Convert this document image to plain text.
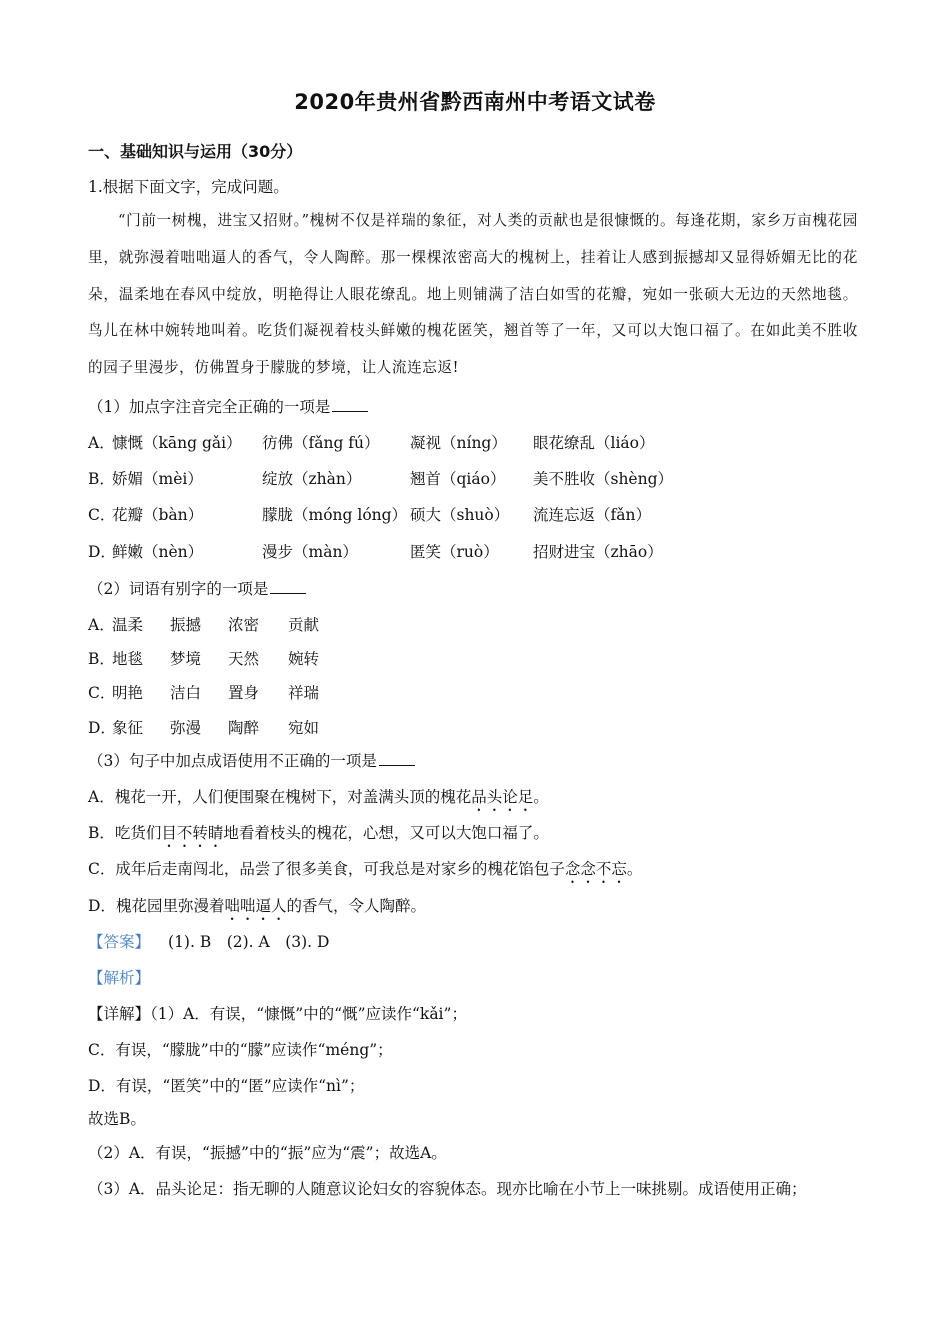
2020年贵州省黔西南州中考语文试卷
一、基础知识与运用（30分）
1.根据下面文字，完成问题。
“门前一树槐，进宝又招财。”槐树不仅是祥瑞的象征，对人类的贡献也是很慷慨的。每逢花期，家乡万亩槐花园里，就弥漫着咄咄逼人的香气，令人陶醉。那一棵棵浓密高大的槐树上，挂着让人感到振撼却又显得娇媚无比的花朵，温柔地在春风中绽放，明艳得让人眼花缭乱。地上则铺满了洁白如雪的花瓣，宛如一张硕大无边的天然地毯。鸟儿在林中婉转地叫着。吃货们凝视着枝头鲜嫩的槐花匿笑，翘首等了一年，又可以大饱口福了。在如此美不胜收的园子里漫步，仿佛置身于朦胧的梦境，让人流连忘返!
（1）加点字注音完全正确的一项是
A．
慷慨（kāng gǎi） 彷佛（fǎng fú） 凝视（níng） 眼花缭乱（liáo）
B．
娇媚（mèi）	绽放（zhàn）	翘首（qiáo） 美不胜收（shèng）
C．
花瓣（bàn）	朦胧（móng lóng） 硕大（shuò） 流连忘返（fǎn）
D．
鲜嫩（nèn）	漫步（màn）	匿笑（ruò） 招财进宝（zhāo）
（2）词语有别字的一项是
A．
温柔 振撼 浓密 贡献
B．
地毯 梦境 天然 婉转
C．
明艳 洁白 置身 祥瑞
D．
象征 弥漫 陶醉 宛如
（3）句子中加点成语使用不正确的一项是
A．槐花一开，人们便围聚在槐树下，对盖满头顶的槐花品头论足。
B．吃货们目不转睛地看着枝头的槐花，心想，又可以大饱口福了。
C．成年后走南闯北，品尝了很多美食，可我总是对家乡的槐花馅包子念念不忘。
D．槐花园里弥漫着咄咄逼人的香气，令人陶醉。
【答案】 (1). B　(2). A　(3). D
【解析】
【详解】（1）A．有误，“慷慨”中的“慨”应读作“kǎi”；
C．有误，“朦胧”中的“朦”应读作“méng”；
D．有误，“匿笑”中的“匿”应读作“nì”；
故选B。
（2）A．有误，“振撼”中的“振”应为“震”；故选A。
（3）A．品头论足：指无聊的人随意议论妇女的容貌体态。现亦比喻在小节上一味挑剔。成语使用正确；
